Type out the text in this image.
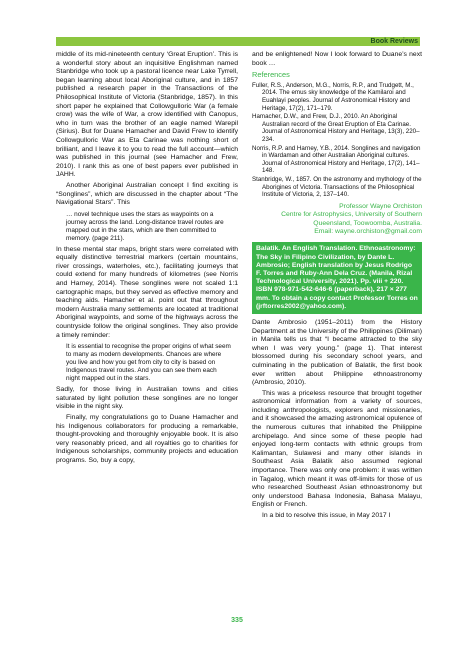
Book Reviews

middle of its mid-nineteenth century ‘Great Eruption’. This is a wonderful story about an inquisitive Englishman named Stanbridge who took up a pastoral licence near Lake Tyrrell, began learning about local Aboriginal culture, and in 1857 published a research paper in the Transactions of the Philosophical Institute of Victoria (Stanbridge, 1857). In this short paper he explained that Collowgulloric War (a female crow) was the wife of War, a crow identified with Canopus, who in turn was the brother of an eagle named Warepil (Sirius). But for Duane Hamacher and David Frew to identify Collowgulloric War as Eta Carinae was nothing short of brilliant, and I leave it to you to read the full account—which was published in this journal (see Hamacher and Frew, 2010). I rank this as one of best papers ever published in JAHH.

Another Aboriginal Australian concept I find exciting is “Songlines”, which are discussed in the chapter about “The Navigational Stars”. This

… novel technique uses the stars as waypoints on a journey across the land. Long-distance travel routes are mapped out in the stars, which are then committed to memory. (page 211).

In these mental star maps, bright stars were correlated with equally distinctive terrestrial markers (certain mountains, river crossings, waterholes, etc.), facilitating journeys that could extend for many hundreds of kilometres (see Norris and Harney, 2014). These songlines were not scaled 1:1 cartographic maps, but they served as effective memory and teaching aids. Hamacher et al. point out that throughout modern Australia many settlements are located at traditional Aboriginal waypoints, and some of the highways across the countryside follow the original songlines. They also provide a timely reminder:

It is essential to recognise the proper origins of what seem to many as modern developments. Chances are where you live and how you get from city to city is based on Indigenous travel routes. And you can see them each night mapped out in the stars.

Sadly, for those living in Australian towns and cities saturated by light pollution these songlines are no longer visible in the night sky.

Finally, my congratulations go to Duane Hamacher and his Indigenous collaborators for producing a remarkable, thought-provoking and thoroughly enjoyable book. It is also very reasonably priced, and all royalties go to charities for Indigenous scholarships, community projects and education programs. So, buy a copy,

and be enlightened! Now I look forward to Duane’s next book …

References
Fuller, R.S., Anderson, M.G., Norris, R.P., and Trudgett, M., 2014. The emus sky knowledge of the Kamilaroi and Euahlayi peoples. Journal of Astronomical History and Heritage, 17(2), 171–179.
Hamacher, D.W., and Frew, D.J., 2010. An Aboriginal Australian record of the Great Eruption of Eta Carinae. Journal of Astronomical History and Heritage, 13(3), 220–234.
Norris, R.P. and Harney, Y.B., 2014. Songlines and navigation in Wardaman and other Australian Aboriginal cultures. Journal of Astronomical History and Heritage, 17(2), 141–148.
Stanbridge, W., 1857. On the astronomy and mythology of the Aborigines of Victoria. Transactions of the Philosophical Institute of Victoria, 2, 137–140.
Professor Wayne Orchiston
Centre for Astrophysics, University of Southern Queensland, Toowoomba, Australia.
Email: wayne.orchiston@gmail.com
Balatik. An English Translation. Ethnoastronomy: The Sky in Filipino Civilization, by Dante L. Ambrosio; English translation by Jesus Rodrigo F. Torres and Ruby-Ann Dela Cruz. (Manila, Rizal Technological University, 2021). Pp. viii + 220. ISBN 978-971-542-646-6 (paperback), 217 × 277 mm. To obtain a copy contact Professor Torres on (jrftorres2002@yahoo.com).

Dante Ambrosio (1951–2011) from the History Department at the University of the Philippines (Diliman) in Manila tells us that “I became attracted to the sky when I was very young.” (page 1). That interest blossomed during his secondary school years, and culminating in the publication of Balatik, the first book ever written about Philippine ethnoastronomy (Ambrosio, 2010).

This was a priceless resource that brought together astronomical information from a variety of sources, including anthropologists, explorers and missionaries, and it showcased the amazing astronomical opulence of the numerous cultures that inhabited the Philippine archipelago. And since some of these people had enjoyed long-term contacts with ethnic groups from Kalimantan, Sulawesi and many other islands in Southeast Asia Balatik also assumed regional importance. There was only one problem: it was written in Tagalog, which meant it was off-limits for those of us who researched Southeast Asian ethnoastronomy but only understood Bahasa Indonesia, Bahasa Malayu, English or French.

In a bid to resolve this issue, in May 2017 I

335
